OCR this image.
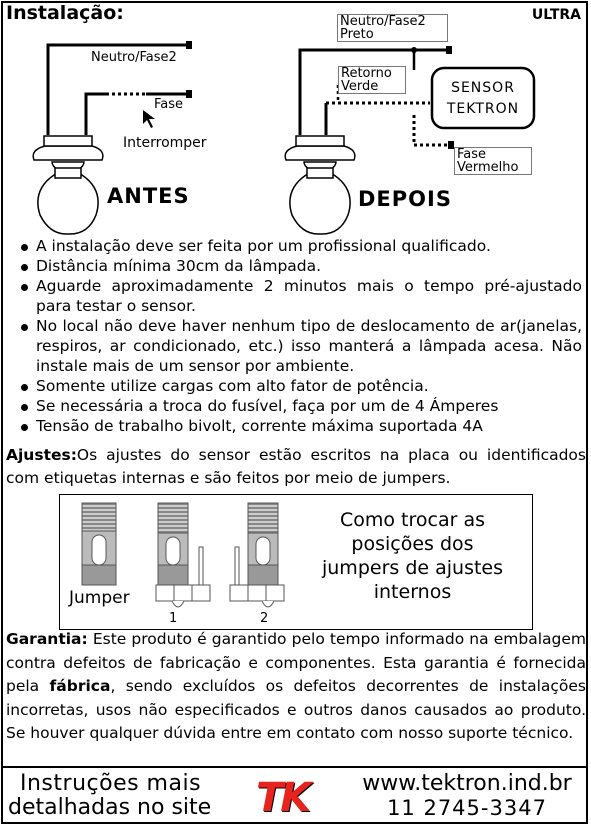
Instalação:	ULTRA
Neutro/Fase2
Fase
Interromper
ANTES
Neutro/Fase2
Preto
Retorno
Verde	SENSOR
TEKTRON
Fase
Vermelho
DEPOIS
A instalação deve ser feita por um profissional qualificado.
Distância mínima 30cm da lâmpada.
Aguarde aproximadamente 2 minutos mais o tempo pré-ajustado para testar o sensor.
No local não deve haver nenhum tipo de deslocamento de ar(janelas, respiros, ar condicionado, etc.) isso manterá a lâmpada acesa. Não instale mais de um sensor por ambiente.
Somente utilize cargas com alto fator de potência.
Se necessária a troca do fusível, faça por um de 4 Ámperes
Tensão de trabalho bivolt, corrente máxima suportada 4A
Ajustes:Os ajustes do sensor estão escritos na placa ou identificados com etiquetas internas e são feitos por meio de jumpers.
Jumper
1	2
Como trocar as posições dos jumpers de ajustes internos
Garantia: Este produto é garantido pelo tempo informado na embalagem contra defeitos de fabricação e componentes. Esta garantia é fornecida pela fábrica, sendo excluídos os defeitos decorrentes de instalações incorretas, usos não especificados e outros danos causados ao produto. Se houver qualquer dúvida entre em contato com nosso suporte técnico.
Instruções mais
detalhadas no site TK	www.tektron.ind.br
11 2745-3347
